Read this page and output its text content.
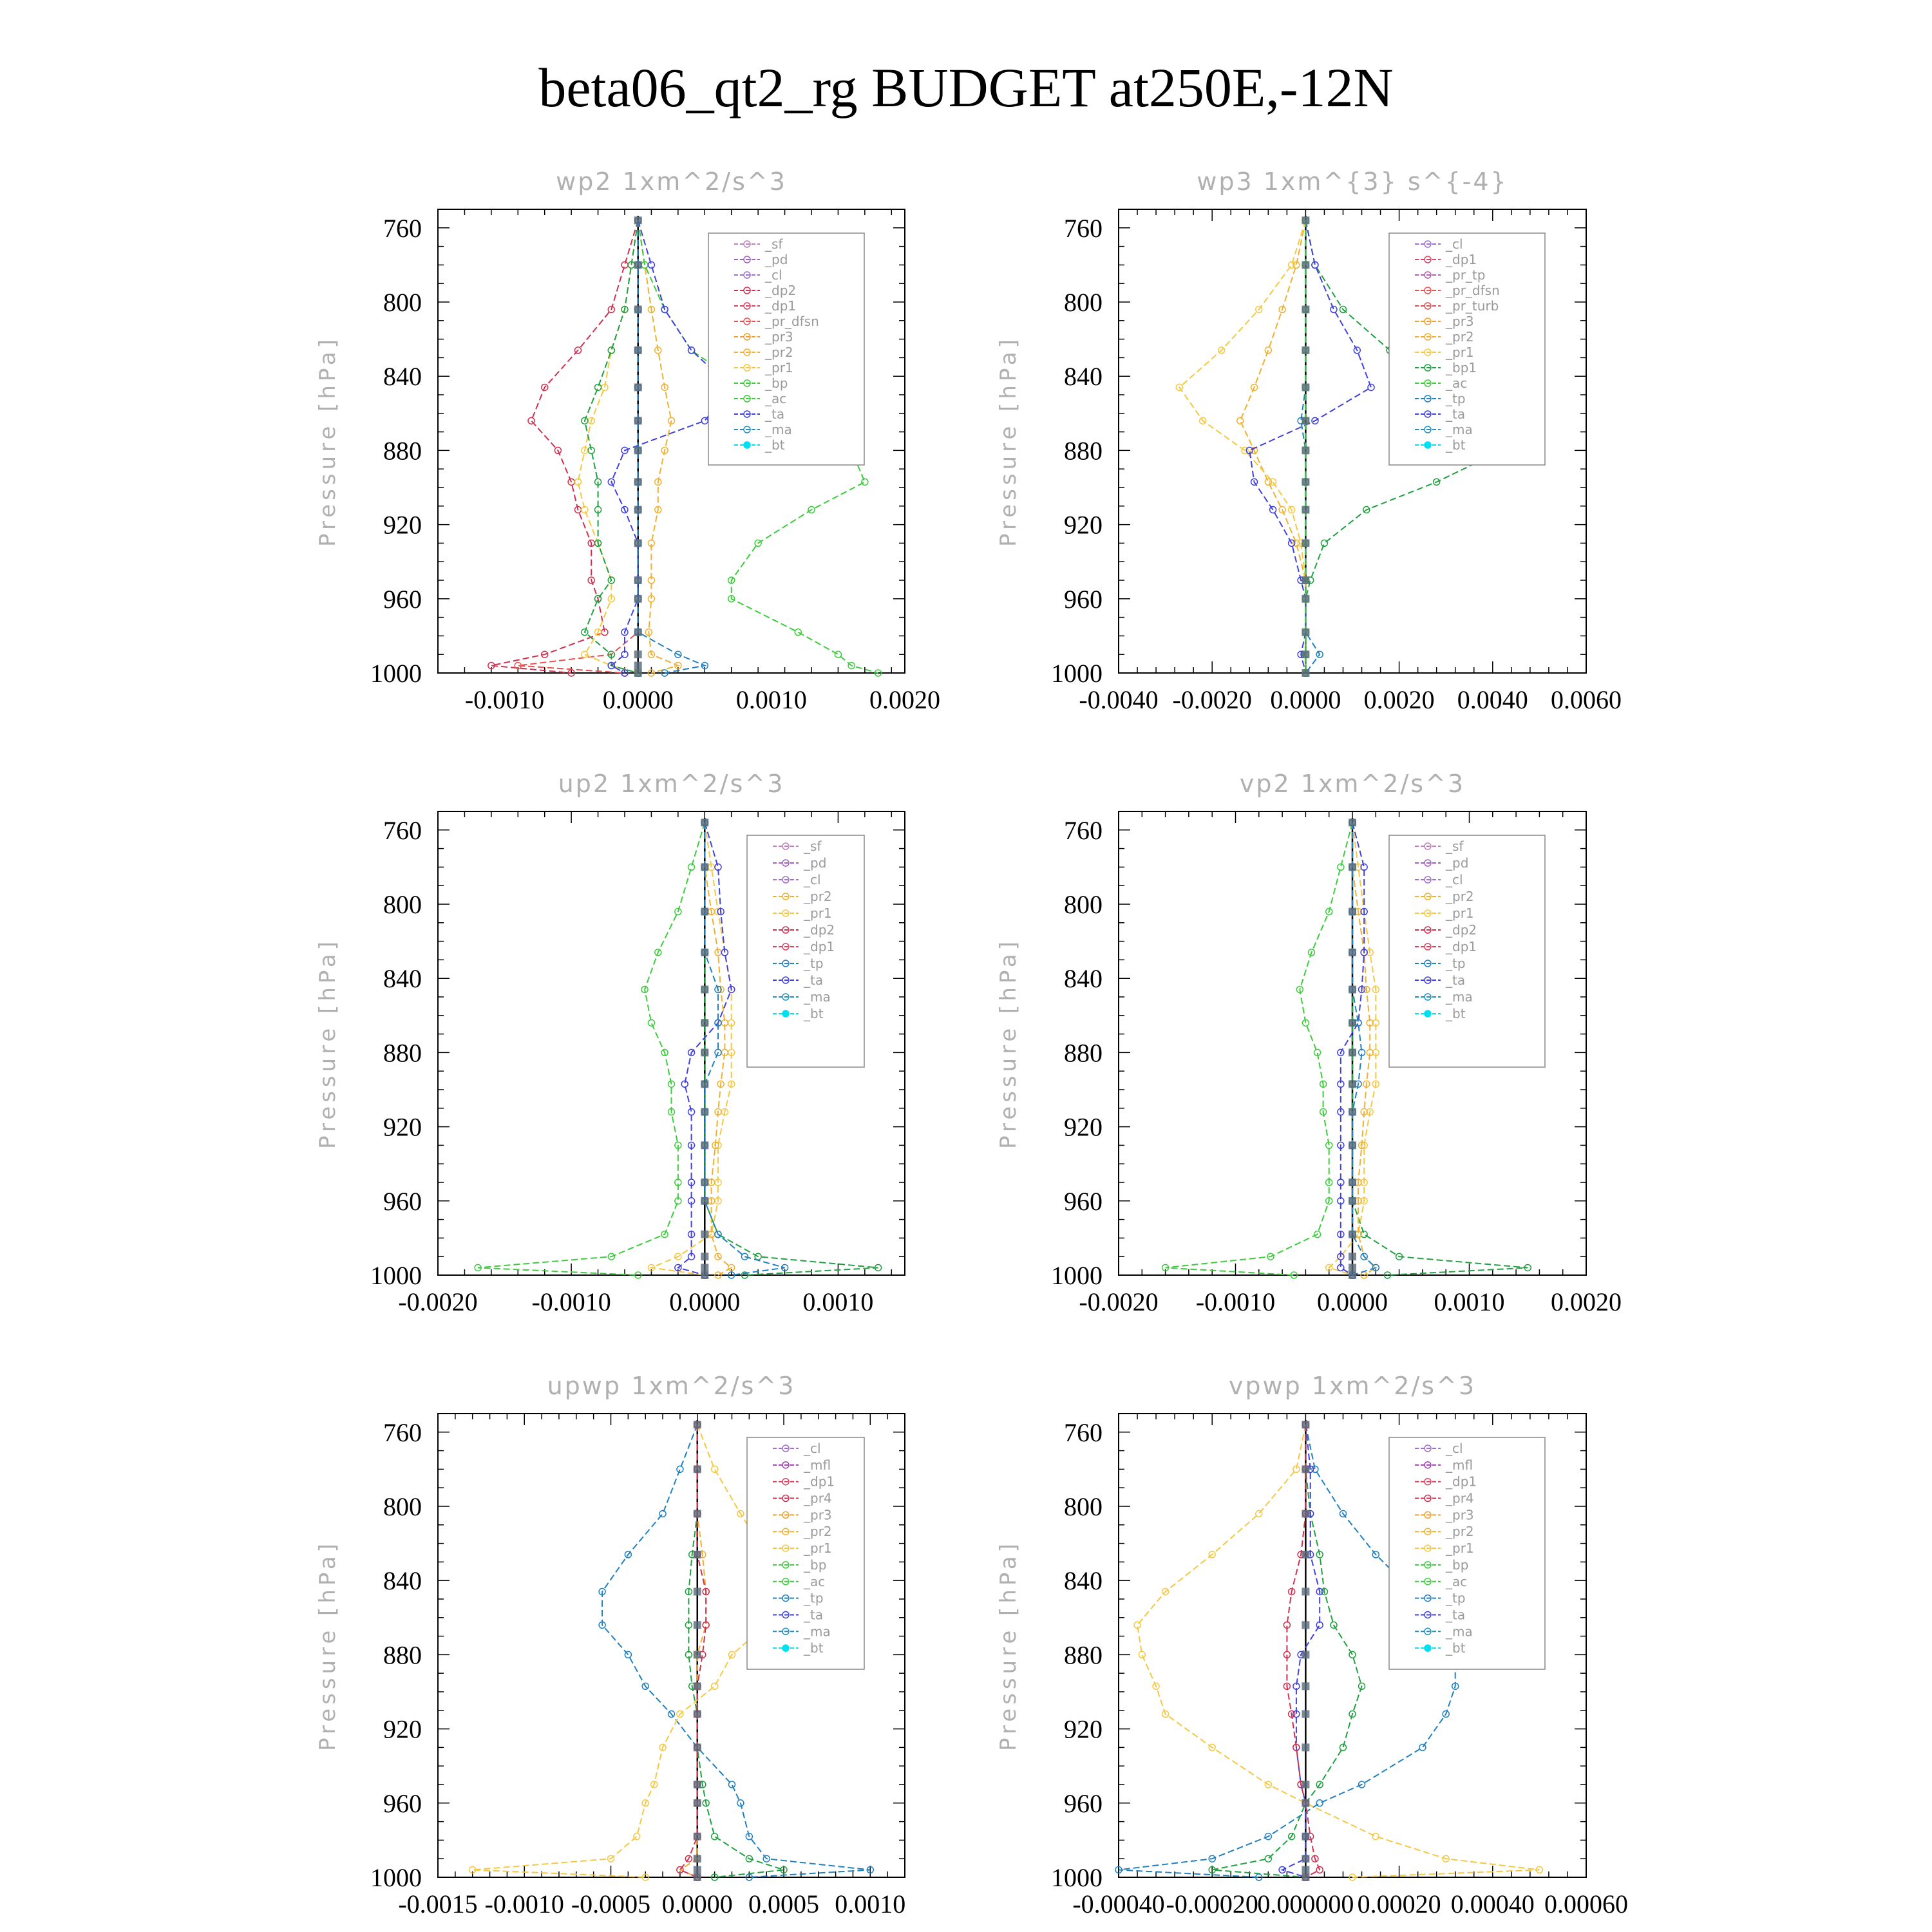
beta06_qt2_rg BUDGET at250E,-12N
wp2 1xm^2/s^3
Pressure [hPa]
760
800
840
880
920
960
1000
-0.0010 0.0000 0.0010 0.0020
_sf
_pd
_cl
_dp2
_dp1
_pr_dfsn
_pr3
_pr2
_pr1
_bp
_ac
_ta
_ma
_bt
wp3 1xm^{3} s^{-4}
Pressure [hPa]
760
800
840
880
920
960
1000
-0.0040 -0.0020 0.0000 0.0020 0.0040 0.0060
_cl
_dp1
_pr_tp
_pr_dfsn
_pr_turb
_pr3
_pr2
_pr1
_bp1
_ac
_tp
_ta
_ma
_bt
up2 1xm^2/s^3
Pressure [hPa]
760
800
840
880
920
960
1000
-0.0020 -0.0010 0.0000 0.0010
_sf
_pd
_cl
_pr2
_pr1
_dp2
_dp1
_tp
_ta
_ma
_bt
vp2 1xm^2/s^3
Pressure [hPa]
760
800
840
880
920
960
1000
-0.0020 -0.0010 0.0000 0.0010 0.0020
_sf
_pd
_cl
_pr2
_pr1
_dp2
_dp1
_tp
_ta
_ma
_bt
upwp 1xm^2/s^3
Pressure [hPa]
760
800
840
880
920
960
1000
-0.0015 -0.0010 -0.0005 0.0000 0.0005 0.0010
_cl
_mfl
_dp1
_pr4
_pr3
_pr2
_pr1
_bp
_ac
_tp
_ta
_ma
_bt
vpwp 1xm^2/s^3
Pressure [hPa]
760
800
840
880
920
960
1000
-0.00040 -0.00020
0.000000 0.00020 0.00040 0.00060
_cl
_mfl
_dp1
_pr4
_pr3
_pr2
_pr1
_bp
_ac
_tp
_ta
_ma
_bt
